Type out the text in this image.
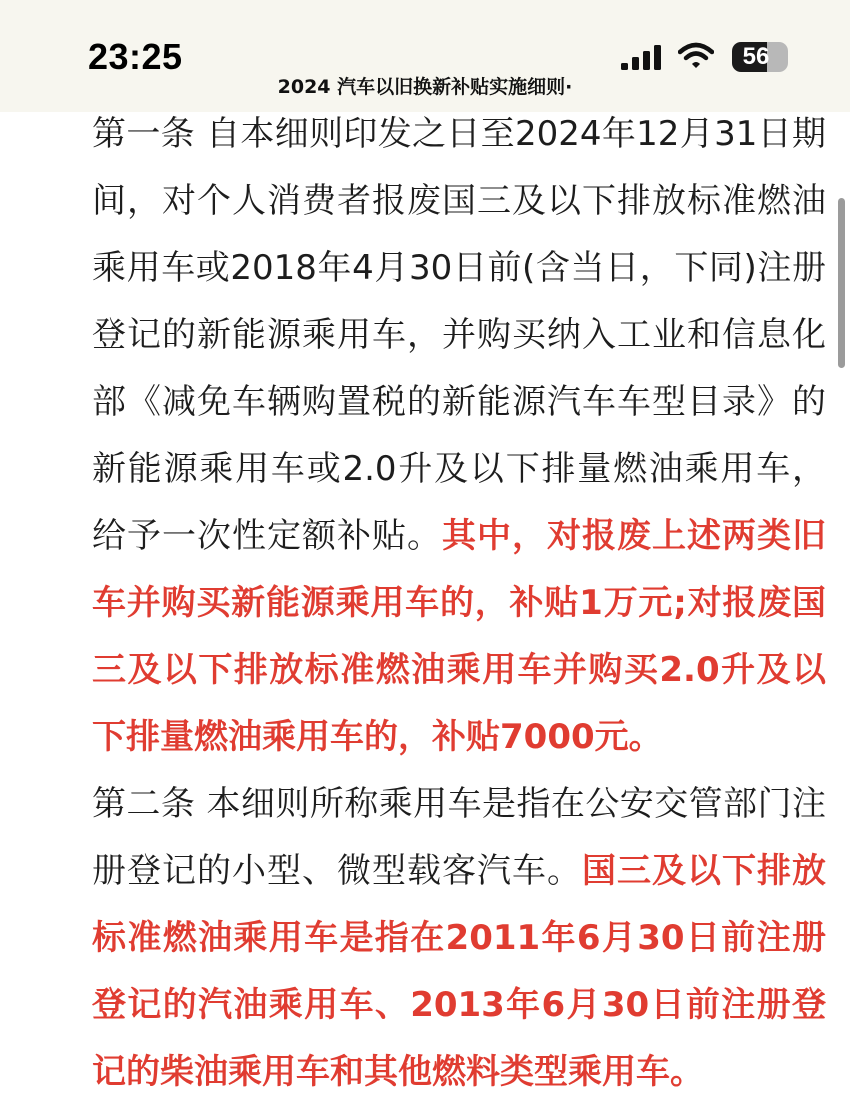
23:25	56
2024 汽车以旧换新补贴实施细则·

第一条 自本细则印发之日至2024年12月31日期间，对个人消费者报废国三及以下排放标准燃油乘用车或2018年4月30日前(含当日，下同)注册登记的新能源乘用车，并购买纳入工业和信息化部《减免车辆购置税的新能源汽车车型目录》的新能源乘用车或2.0升及以下排量燃油乘用车，给予一次性定额补贴。其中，对报废上述两类旧车并购买新能源乘用车的，补贴1万元;对报废国三及以下排放标准燃油乘用车并购买2.0升及以下排量燃油乘用车的，补贴7000元。

第二条 本细则所称乘用车是指在公安交管部门注册登记的小型、微型载客汽车。国三及以下排放标准燃油乘用车是指在2011年6月30日前注册登记的汽油乘用车、2013年6月30日前注册登记的柴油乘用车和其他燃料类型乘用车。
